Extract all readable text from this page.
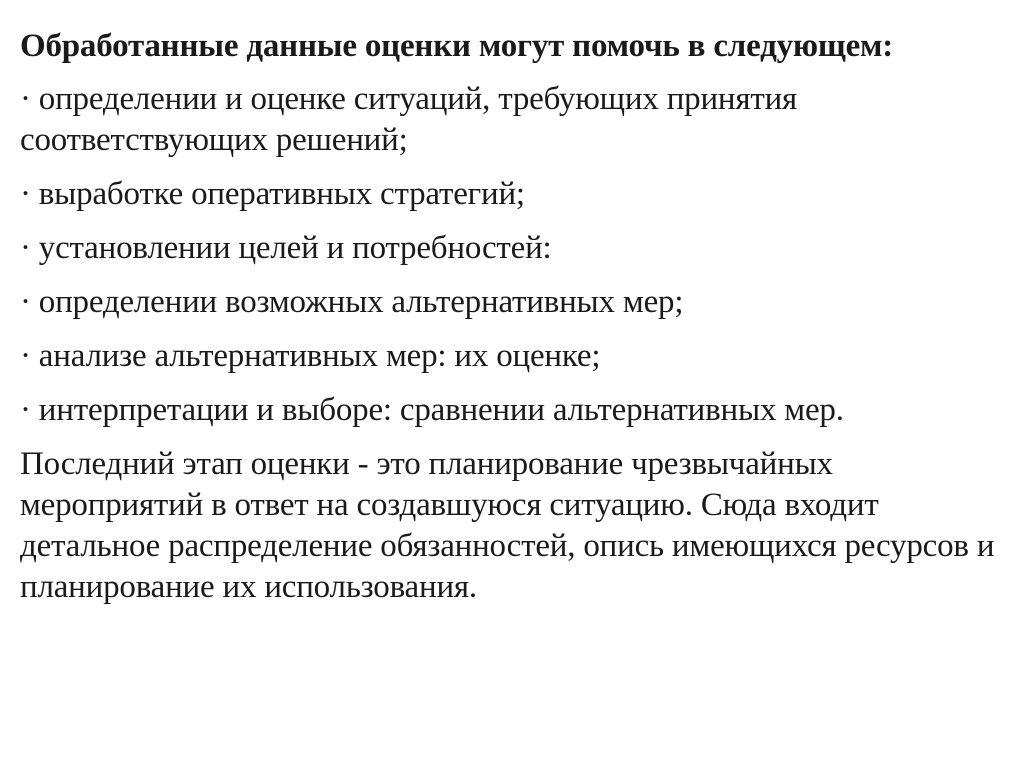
Обработанные данные оценки могут помочь в следующем:

· определении и оценке ситуаций, требующих принятия соответствующих решений;
· выработке оперативных стратегий;
· установлении целей и потребностей:
· определении возможных альтернативных мер;
· анализе альтернативных мер: их оценке;
· интерпретации и выборе: сравнении альтернативных мер.

Последний этап оценки - это планирование чрезвычайных мероприятий в ответ на создавшуюся ситуацию. Сюда входит детальное распределение обязанностей, опись имеющихся ресурсов и планирование их использования.
